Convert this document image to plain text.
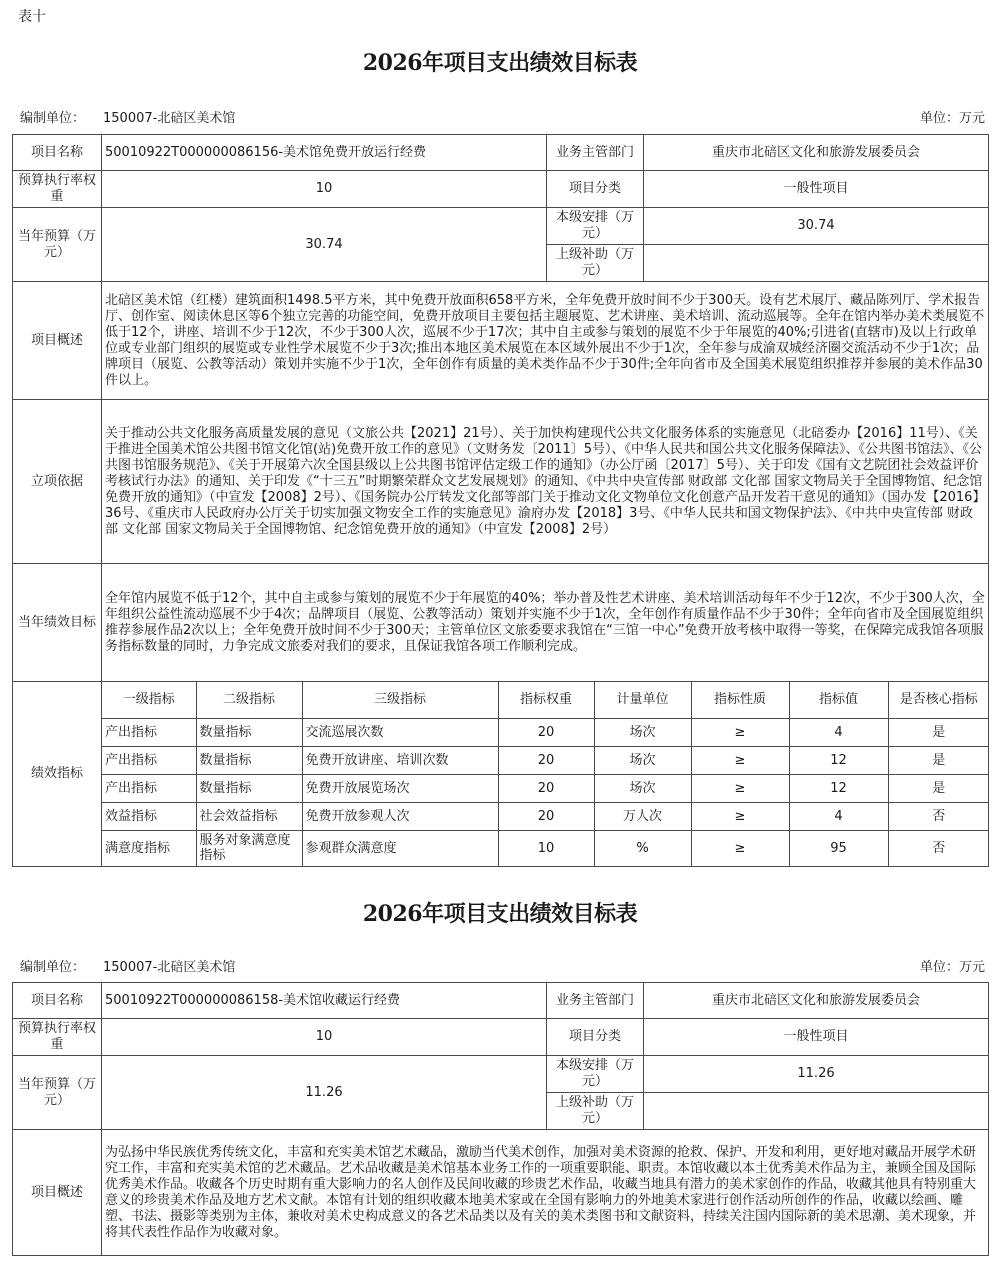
表十
2026年项目支出绩效目标表
编制单位： 150007-北碚区美术馆	单位：万元
项目名称	50010922T000000086156-美术馆免费开放运行经费	业务主管部门	重庆市北碚区文化和旅游发展委员会
预算执行率权重	10	项目分类	一般性项目
当年预算（万元）	30.74	本级安排（万元）	30.74
上级补助（万元）	
项目概述	北碚区美术馆（红楼）建筑面积1498.5平方米，其中免费开放面积658平方米，全年免费开放时间不少于300天。设有艺术展厅、藏品陈列厅、学术报告厅、创作室、阅读休息区等6个独立完善的功能空间，免费开放项目主要包括主题展览、艺术讲座、美术培训、流动巡展等。全年在馆内举办美术类展览不低于12个，讲座、培训不少于12次，不少于300人次，巡展不少于17次；其中自主或参与策划的展览不少于年展览的40%;引进省(直辖市)及以上行政单位或专业部门组织的展览或专业性学术展览不少于3次;推出本地区美术展览在本区域外展出不少于1次，全年参与成渝双城经济圈交流活动不少于1次；品牌项目（展览、公教等活动）策划并实施不少于1次，全年创作有质量的美术类作品不少于30件;全年向省市及全国美术展览组织推荐并参展的美术作品30件以上。
立项依据	关于推动公共文化服务高质量发展的意见（文旅公共【2021】21号）、关于加快构建现代公共文化服务体系的实施意见（北碚委办【2016】11号）、《关于推进全国美术馆公共图书馆文化馆(站)免费开放工作的意见》（文财务发〔2011〕5号）、《中华人民共和国公共文化服务保障法》、《公共图书馆法》、《公共图书馆服务规范》、《关于开展第六次全国县级以上公共图书馆评估定级工作的通知》（办公厅函〔2017〕5号）、关于印发《国有文艺院团社会效益评价考核试行办法》的通知、关于印发《“十三五”时期繁荣群众文艺发展规划》的通知、《中共中央宣传部 财政部 文化部 国家文物局关于全国博物馆、纪念馆免费开放的通知》（中宣发【2008】2号）、《国务院办公厅转发文化部等部门关于推动文化文物单位文化创意产品开发若干意见的通知》（国办发【2016】36号、《重庆市人民政府办公厅关于切实加强文物安全工作的实施意见》渝府办发【2018】3号、《中华人民共和国文物保护法》、《中共中央宣传部 财政部 文化部 国家文物局关于全国博物馆、纪念馆免费开放的通知》（中宣发【2008】2号）
当年绩效目标	全年馆内展览不低于12个，其中自主或参与策划的展览不少于年展览的40%；举办普及性艺术讲座、美术培训活动每年不少于12次，不少于300人次，全年组织公益性流动巡展不少于4次；品牌项目（展览、公教等活动）策划并实施不少于1次，全年创作有质量作品不少于30件；全年向省市及全国展览组织推荐参展作品2次以上；全年免费开放时间不少于300天；主管单位区文旅委要求我馆在“三馆一中心”免费开放考核中取得一等奖，在保障完成我馆各项服务指标数量的同时，力争完成文旅委对我们的要求，且保证我馆各项工作顺利完成。
绩效指标	
一级指标	二级指标	三级指标	指标权重	计量单位	指标性质	指标值	是否核心指标
产出指标	数量指标	交流巡展次数	20	场次	≥	4	是
产出指标	数量指标	免费开放讲座、培训次数	20	场次	≥	12	是
产出指标	数量指标	免费开放展览场次	20	场次	≥	12	是
效益指标	社会效益指标	免费开放参观人次	20	万人次	≥	4	否
满意度指标	服务对象满意度指标	参观群众满意度	10	%	≥	95	否
2026年项目支出绩效目标表
编制单位： 150007-北碚区美术馆	单位：万元
项目名称	50010922T000000086158-美术馆收藏运行经费	业务主管部门	重庆市北碚区文化和旅游发展委员会
预算执行率权重	10	项目分类	一般性项目
当年预算（万元）	11.26	本级安排（万元）	11.26
		上级补助（万元）	
项目概述	为弘扬中华民族优秀传统文化，丰富和充实美术馆艺术藏品，激励当代美术创作，加强对美术资源的抢救、保护、开发和利用，更好地对藏品开展学术研究工作，丰富和充实美术馆的艺术藏品。艺术品收藏是美术馆基本业务工作的一项重要职能、职责。本馆收藏以本土优秀美术作品为主，兼顾全国及国际优秀美术作品。收藏各个历史时期有重大影响力的名人创作及民间收藏的珍贵艺术作品，收藏当地具有潜力的美术家创作的作品，收藏其他具有特别重大意义的珍贵美术作品及地方艺术文献。本馆有计划的组织收藏本地美术家或在全国有影响力的外地美术家进行创作活动所创作的作品，收藏以绘画、雕塑、书法、摄影等类别为主体，兼收对美术史构成意义的各艺术品类以及有关的美术类图书和文献资料，持续关注国内国际新的美术思潮、美术现象，并将其代表性作品作为收藏对象。		
